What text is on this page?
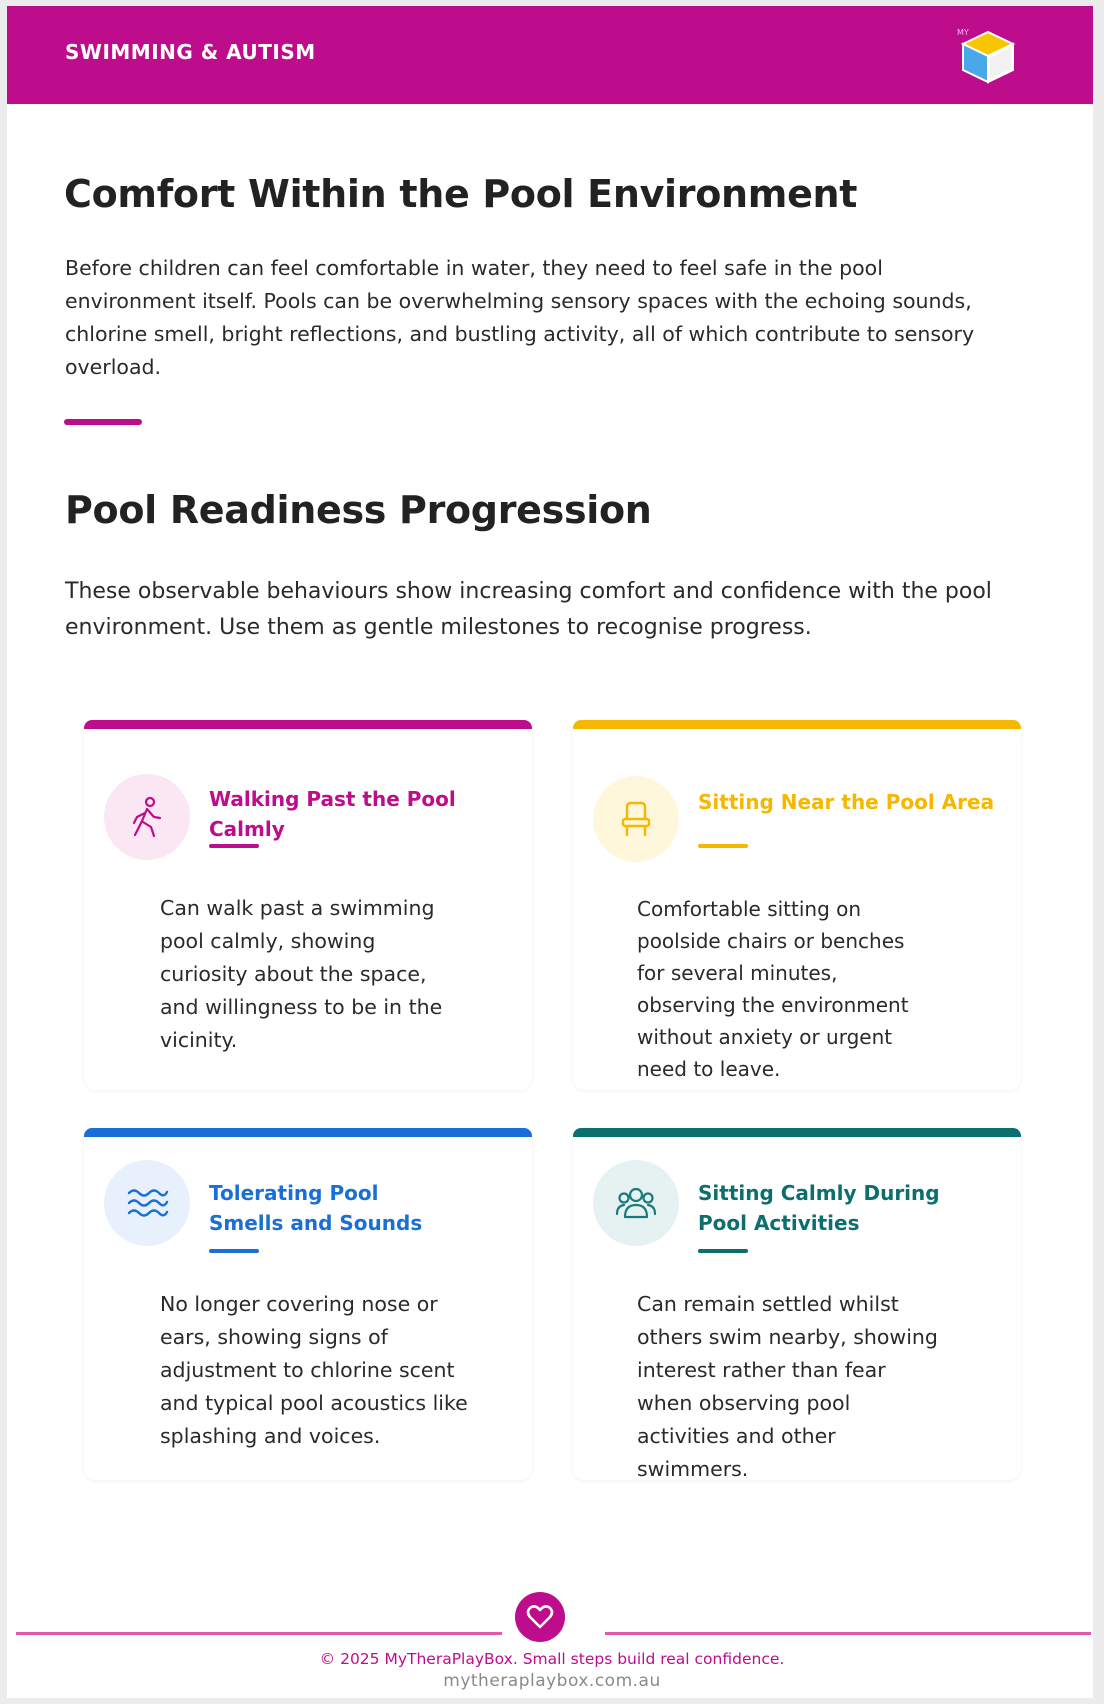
SWIMMING & AUTISM
MY
Comfort Within the Pool Environment
Before children can feel comfortable in water, they need to feel safe in the pool environment itself. Pools can be overwhelming sensory spaces with the echoing sounds, chlorine smell, bright reflections, and bustling activity, all of which contribute to sensory overload.
Pool Readiness Progression
These observable behaviours show increasing comfort and confidence with the pool environment. Use them as gentle milestones to recognise progress.
Walking Past the Pool Calmly
Can walk past a swimming pool calmly, showing curiosity about the space, and willingness to be in the vicinity.
Sitting Near the Pool Area
Comfortable sitting on poolside chairs or benches for several minutes, observing the environment without anxiety or urgent need to leave.
Tolerating Pool Smells and Sounds
No longer covering nose or ears, showing signs of adjustment to chlorine scent and typical pool acoustics like splashing and voices.
Sitting Calmly During Pool Activities
Can remain settled whilst others swim nearby, showing interest rather than fear when observing pool activities and other swimmers.
© 2025 MyTheraPlayBox. Small steps build real confidence.
mytheraplaybox.com.au
